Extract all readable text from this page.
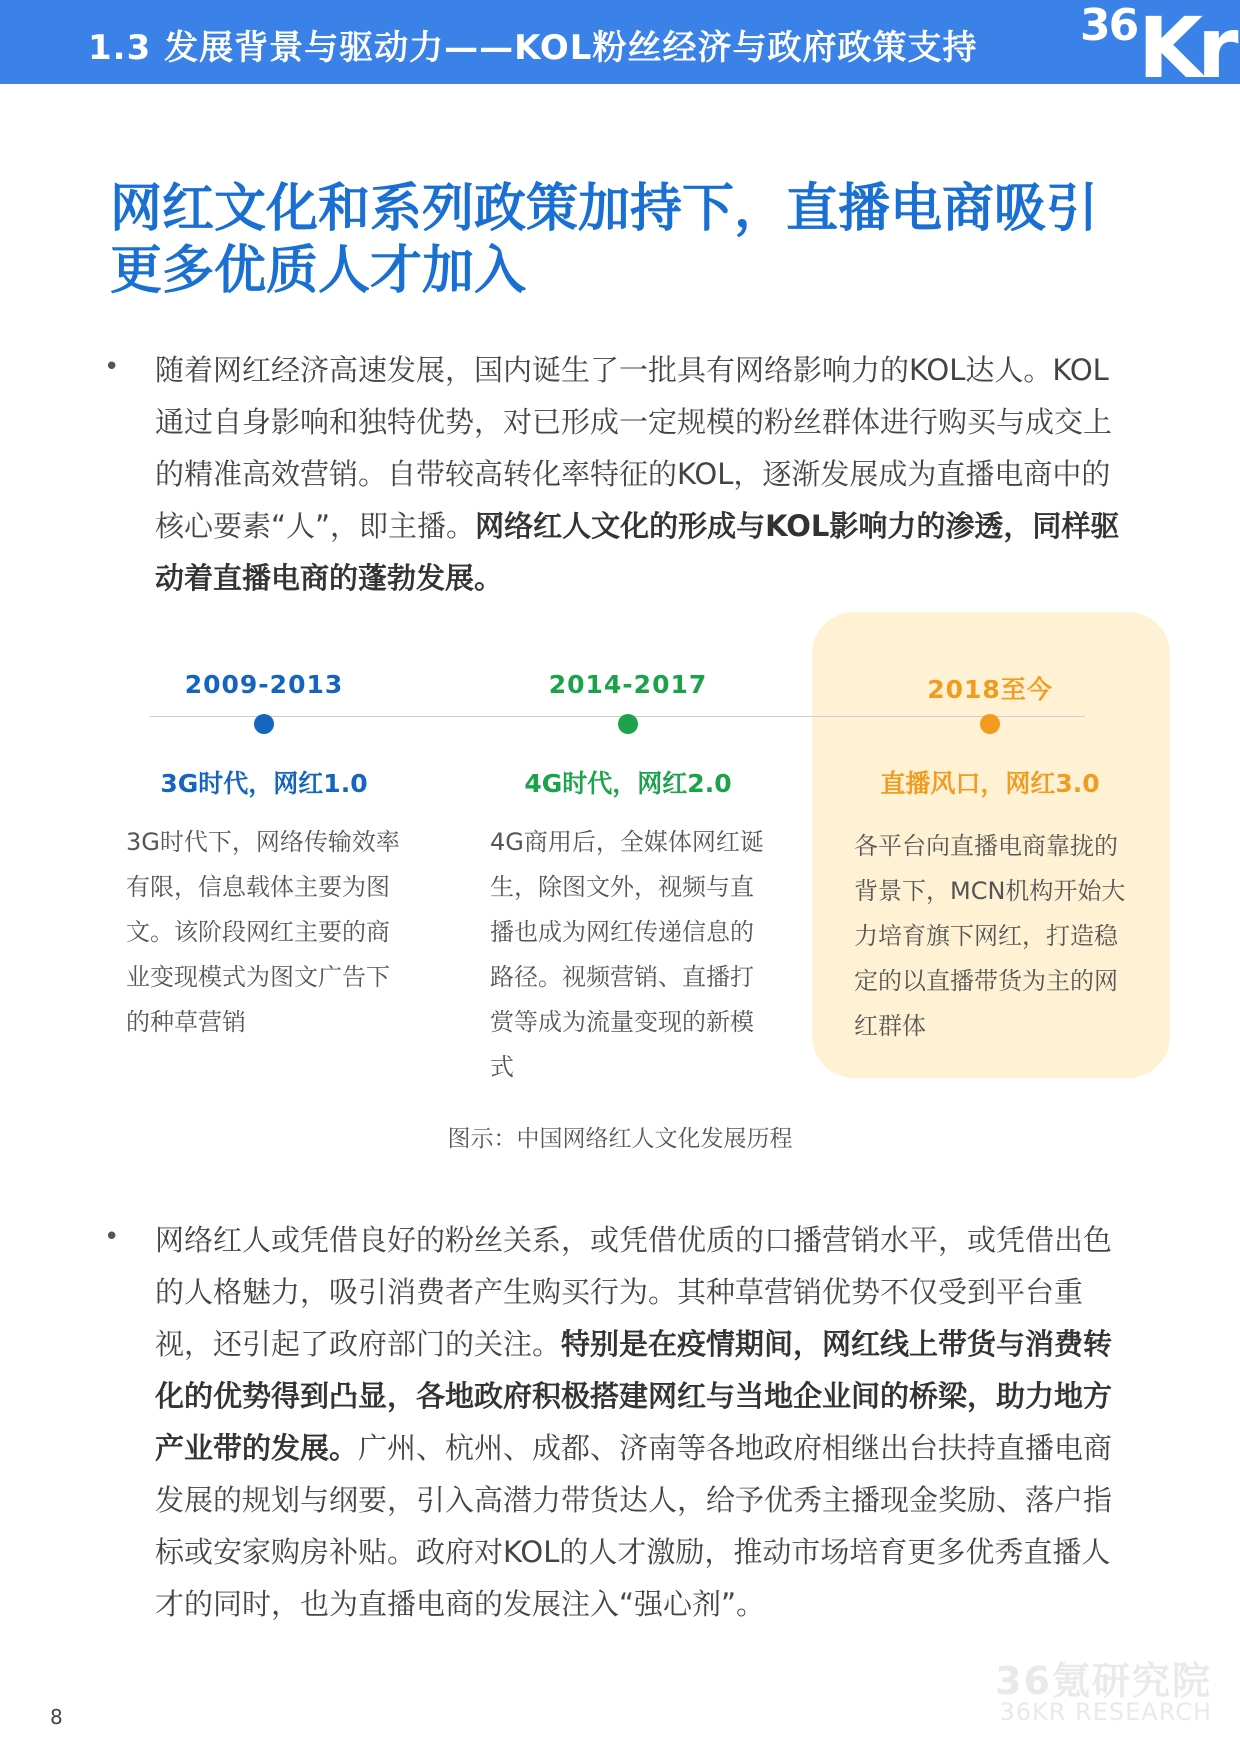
1.3 发展背景与驱动力——KOL粉丝经济与政府政策支持 36 Kr
网红文化和系列政策加持下，直播电商吸引更多优质人才加入
• 随着网红经济高速发展，国内诞生了一批具有网络影响力的KOL达人。KOL通过自身影响和独特优势，对已形成一定规模的粉丝群体进行购买与成交上的精准高效营销。自带较高转化率特征的KOL，逐渐发展成为直播电商中的核心要素“人”，即主播。网络红人文化的形成与KOL影响力的渗透，同样驱动着直播电商的蓬勃发展。
2009-2013
3G时代，网红1.0
3G时代下，网络传输效率有限，信息载体主要为图文。该阶段网红主要的商业变现模式为图文广告下的种草营销
2014-2017
4G时代，网红2.0
4G商用后，全媒体网红诞生，除图文外，视频与直播也成为网红传递信息的路径。视频营销、直播打赏等成为流量变现的新模式
2018至今
直播风口，网红3.0
各平台向直播电商靠拢的背景下，MCN机构开始大力培育旗下网红，打造稳定的以直播带货为主的网红群体
图示：中国网络红人文化发展历程
• 网络红人或凭借良好的粉丝关系，或凭借优质的口播营销水平，或凭借出色的人格魅力，吸引消费者产生购买行为。其种草营销优势不仅受到平台重视，还引起了政府部门的关注。特别是在疫情期间，网红线上带货与消费转化的优势得到凸显，各地政府积极搭建网红与当地企业间的桥梁，助力地方产业带的发展。广州、杭州、成都、济南等各地政府相继出台扶持直播电商发展的规划与纲要，引入高潜力带货达人，给予优秀主播现金奖励、落户指标或安家购房补贴。政府对KOL的人才激励，推动市场培育更多优秀直播人才的同时，也为直播电商的发展注入“强心剂”。
8
36氪研究院
36KR RESEARCH
